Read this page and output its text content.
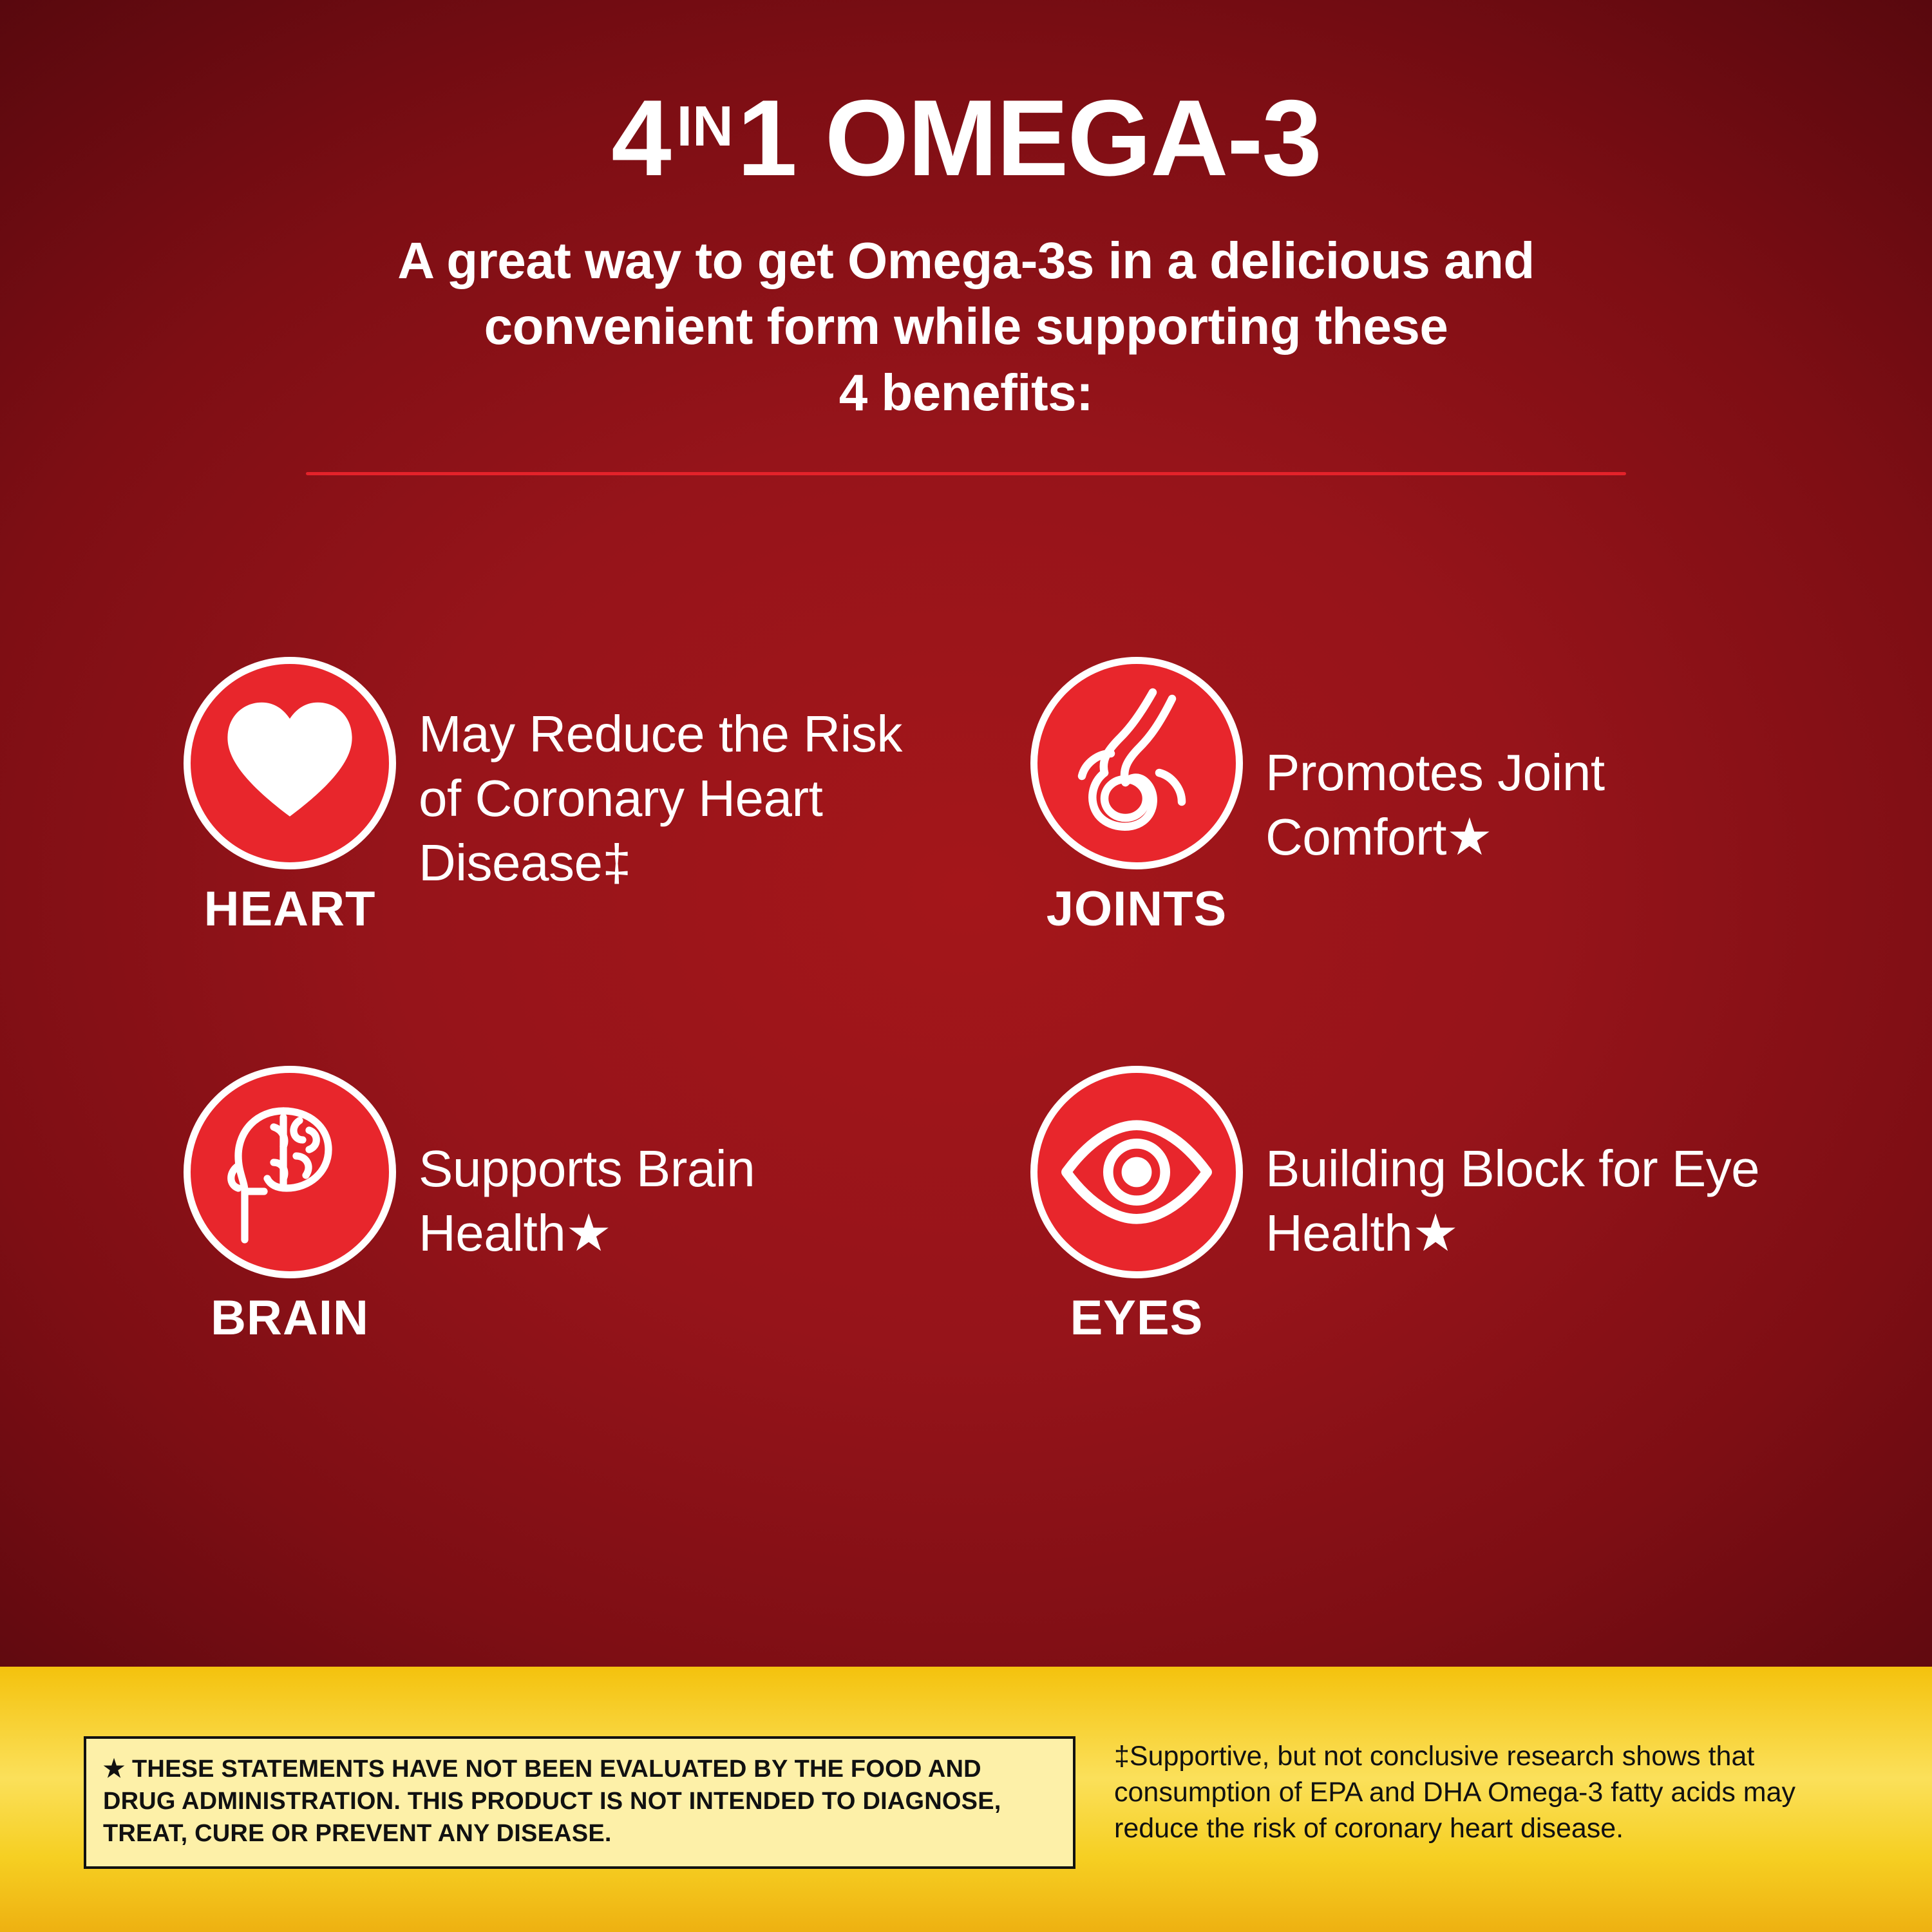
4 $^{IN}$1 OMEGA-3
A great way to get Omega-3s in a delicious and
convenient form while supporting these
4 benefits:
HEART
May Reduce the Risk of Coronary Heart Disease‡
JOINTS
Promotes Joint Comfort★
BRAIN
Supports Brain Health★
EYES
Building Block for Eye Health★
★ THESE STATEMENTS HAVE NOT BEEN EVALUATED BY THE FOOD AND DRUG ADMINISTRATION. THIS PRODUCT IS NOT INTENDED TO DIAGNOSE, TREAT, CURE OR PREVENT ANY DISEASE.
‡Supportive, but not conclusive research shows that consumption of EPA and DHA Omega-3 fatty acids may reduce the risk of coronary heart disease.
